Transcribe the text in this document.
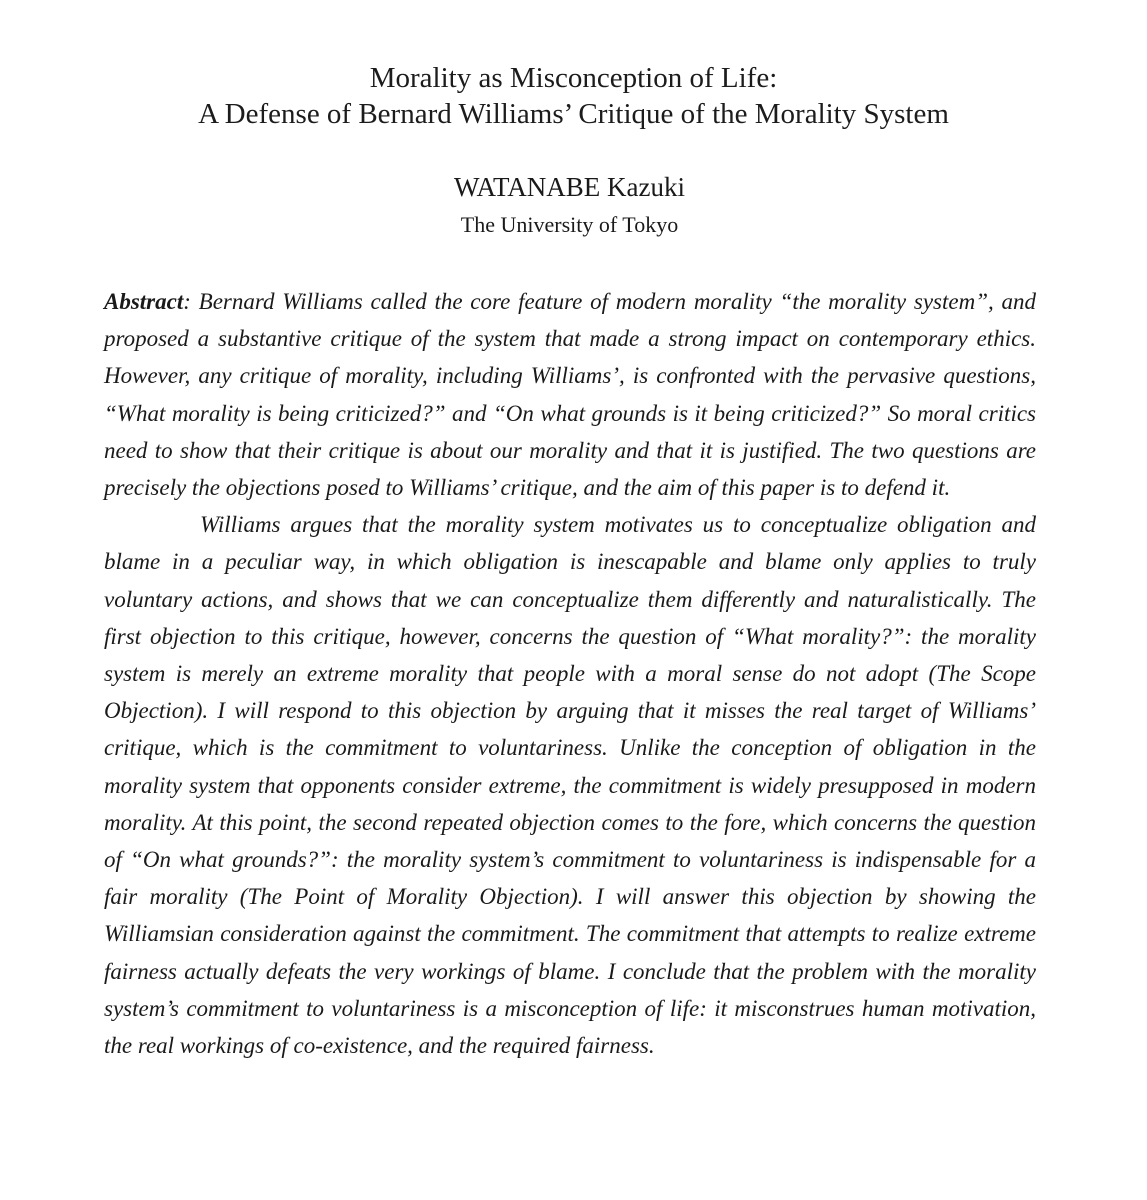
Morality as Misconception of Life:
A Defense of Bernard Williams’ Critique of the Morality System
WATANABE Kazuki
The University of Tokyo

Abstract: Bernard Williams called the core feature of modern morality “the morality system”, and proposed a substantive critique of the system that made a strong impact on contemporary ethics. However, any critique of morality, including Williams’, is confronted with the pervasive questions, “What morality is being criticized?” and “On what grounds is it being criticized?” So moral critics need to show that their critique is about our morality and that it is justified. The two questions are precisely the objections posed to Williams’ critique, and the aim of this paper is to defend it.

Williams argues that the morality system motivates us to conceptualize obligation and blame in a peculiar way, in which obligation is inescapable and blame only applies to truly voluntary actions, and shows that we can conceptualize them differently and naturalistically. The first objection to this critique, however, concerns the question of “What morality?”: the morality system is merely an extreme morality that people with a moral sense do not adopt (The Scope Objection). I will respond to this objection by arguing that it misses the real target of Williams’ critique, which is the commitment to voluntariness. Unlike the conception of obligation in the morality system that opponents consider extreme, the commitment is widely presupposed in modern morality. At this point, the second repeated objection comes to the fore, which concerns the question of “On what grounds?”: the morality system’s commitment to voluntariness is indispensable for a fair morality (The Point of Morality Objection). I will answer this objection by showing the Williamsian consideration against the commitment. The commitment that attempts to realize extreme fairness actually defeats the very workings of blame. I conclude that the problem with the morality system’s commitment to voluntariness is a misconception of life: it misconstrues human motivation, the real workings of co-existence, and the required fairness.
